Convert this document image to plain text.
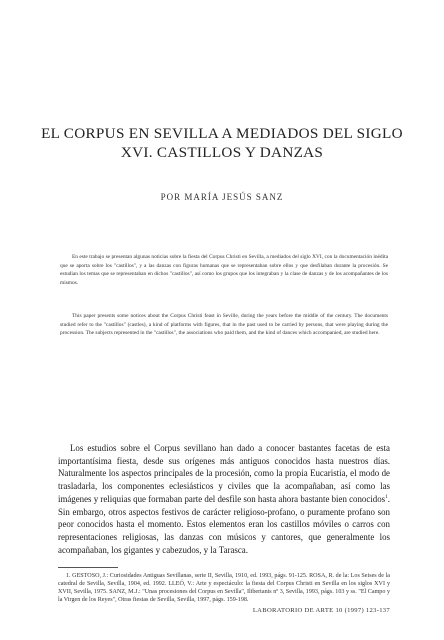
EL CORPUS EN SEVILLA A MEDIADOS DEL SIGLO XVI. CASTILLOS Y DANZAS
POR MARÍA JESÚS SANZ

En este trabajo se presentan algunas noticias sobre la fiesta del Corpus Christi en Sevilla, a mediados del siglo XVI, con la documentación inédita que se aporta sobre los "castillos", y a las danzas con figuras humanas que se representaban sobre ellos y que desfilaban durante la procesión. Se estudian los temas que se representaban en dichos "castillos", así como los grupos que los integraban y la clase de danzas y de los acompañantes de los mismos.

This paper presents some notices about the Corpus Christi feast in Seville, during the years before the middle of the century. The documents studied refer to the "castillos" (castles), a kind of platforms with figures, that in the past used to be carried by persons, that were playing during the procession. The subjects represented in the "castillos", the associations who paid them, and the kind of dances which accompanied, are studied here.

Los estudios sobre el Corpus sevillano han dado a conocer bastantes facetas de esta importantísima fiesta, desde sus orígenes más antiguos conocidos hasta nuestros días. Naturalmente los aspectos principales de la procesión, como la propia Eucaristía, el modo de trasladarla, los componentes eclesiásticos y civiles que la acompañaban, así como las imágenes y reliquias que formaban parte del desfile son hasta ahora bastante bien conocidos$^1$. Sin embargo, otros aspectos festivos de carácter religioso-profano, o puramente profano son peor conocidos hasta el momento. Estos elementos eran los castillos móviles o carros con representaciones religiosas, las danzas con músicos y cantores, que generalmente los acompañaban, los gigantes y cabezudos, y la Tarasca.

1. GESTOSO, J.: Curiosidades Antiguas Sevillanas, serie II, Sevilla, 1910, ed. 1993, págs. 91-125. ROSA, R. de la: Los Seises de la catedral de Sevilla, Sevilla, 1904, ed. 1992. LLEÓ, V.: Arte y espectáculo: la fiesta del Corpus Christi en Sevilla en los siglos XVI y XVII, Sevilla, 1975. SANZ, M.J.: "Unas procesiones del Corpus en Sevilla", Ilibertanis nº 3, Sevilla, 1993, págs. 103 y ss. "El Campo y la Virgen de los Reyes", Otras fiestas de Sevilla, Sevilla, 1997, págs. 159-198.

LABORATORIO DE ARTE 10 (1997) 123-137
